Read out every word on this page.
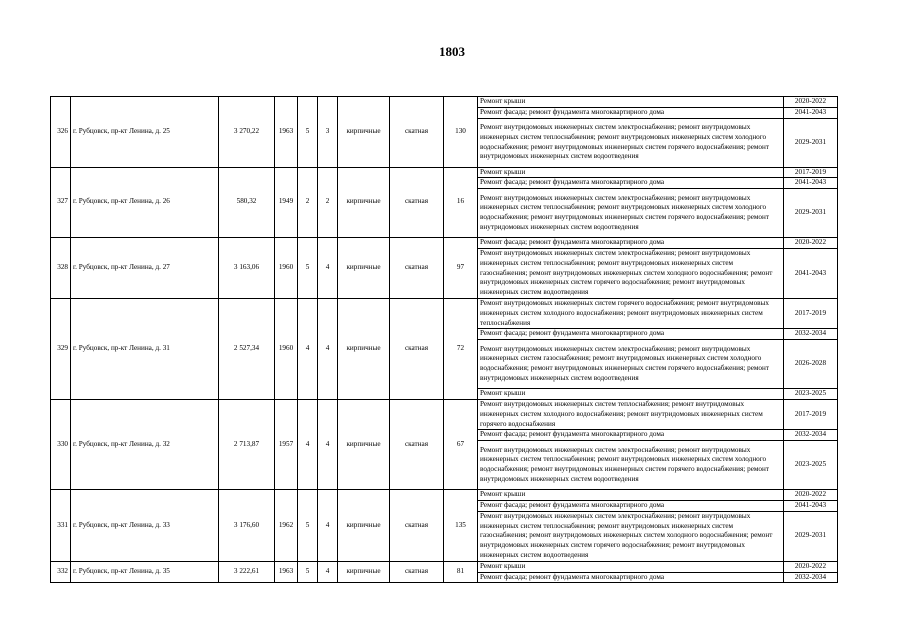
1803
326	г. Рубцовск, пр-кт Ленина, д. 25	3 270,22	1963	5	3	кирпичные	скатная	130	Ремонт крыши	2020-2022
									Ремонт фасада; ремонт фундамента многоквартирного дома	2041-2043
									Ремонт внутридомовых инженерных систем электроснабжения; ремонт внутридомовых инженерных систем теплоснабжения; ремонт внутридомовых инженерных систем холодного водоснабжения; ремонт внутридомовых инженерных систем горячего водоснабжения; ремонт внутридомовых инженерных систем водоотведения	2029-2031
327	г. Рубцовск, пр-кт Ленина, д. 26	580,32	1949	2	2	кирпичные	скатная	16	Ремонт крыши	2017-2019
									Ремонт фасада; ремонт фундамента многоквартирного дома	2041-2043
									Ремонт внутридомовых инженерных систем электроснабжения; ремонт внутридомовых инженерных систем теплоснабжения; ремонт внутридомовых инженерных систем холодного водоснабжения; ремонт внутридомовых инженерных систем горячего водоснабжения; ремонт внутридомовых инженерных систем водоотведения	2029-2031
328	г. Рубцовск, пр-кт Ленина, д. 27	3 163,06	1960	5	4	кирпичные	скатная	97	Ремонт фасада; ремонт фундамента многоквартирного дома	2020-2022
									Ремонт внутридомовых инженерных систем электроснабжения; ремонт внутридомовых инженерных систем теплоснабжения; ремонт внутридомовых инженерных систем газоснабжения; ремонт внутридомовых инженерных систем холодного водоснабжения; ремонт внутридомовых инженерных систем горячего водоснабжения; ремонт внутридомовых инженерных систем водоотведения	2041-2043
329	г. Рубцовск, пр-кт Ленина, д. 31	2 527,34	1960	4	4	кирпичные	скатная	72	Ремонт внутридомовых инженерных систем горячего водоснабжения; ремонт внутридомовых инженерных систем холодного водоснабжения; ремонт внутридомовых инженерных систем теплоснабжения	2017-2019
									Ремонт фасада; ремонт фундамента многоквартирного дома	2032-2034
									Ремонт внутридомовых инженерных систем электроснабжения; ремонт внутридомовых инженерных систем газоснабжения; ремонт внутридомовых инженерных систем холодного водоснабжения; ремонт внутридомовых инженерных систем горячего водоснабжения; ремонт внутридомовых инженерных систем водоотведения	2026-2028
									Ремонт крыши	2023-2025
330	г. Рубцовск, пр-кт Ленина, д. 32	2 713,87	1957	4	4	кирпичные	скатная	67	Ремонт внутридомовых инженерных систем теплоснабжения; ремонт внутридомовых инженерных систем холодного водоснабжения; ремонт внутридомовых инженерных систем горячего водоснабжения	2017-2019
									Ремонт фасада; ремонт фундамента многоквартирного дома	2032-2034
									Ремонт внутридомовых инженерных систем электроснабжения; ремонт внутридомовых инженерных систем теплоснабжения; ремонт внутридомовых инженерных систем холодного водоснабжения; ремонт внутридомовых инженерных систем горячего водоснабжения; ремонт внутридомовых инженерных систем водоотведения	2023-2025
331	г. Рубцовск, пр-кт Ленина, д. 33	3 176,60	1962	5	4	кирпичные	скатная	135	Ремонт крыши	2020-2022
									Ремонт фасада; ремонт фундамента многоквартирного дома	2041-2043
									Ремонт внутридомовых инженерных систем электроснабжения; ремонт внутридомовых инженерных систем теплоснабжения; ремонт внутридомовых инженерных систем газоснабжения; ремонт внутридомовых инженерных систем холодного водоснабжения; ремонт внутридомовых инженерных систем горячего водоснабжения; ремонт внутридомовых инженерных систем водоотведения	2029-2031
332	г. Рубцовск, пр-кт Ленина, д. 35	3 222,61	1963	5	4	кирпичные	скатная	81	Ремонт крыши	2020-2022
									Ремонт фасада; ремонт фундамента многоквартирного дома	2032-2034
